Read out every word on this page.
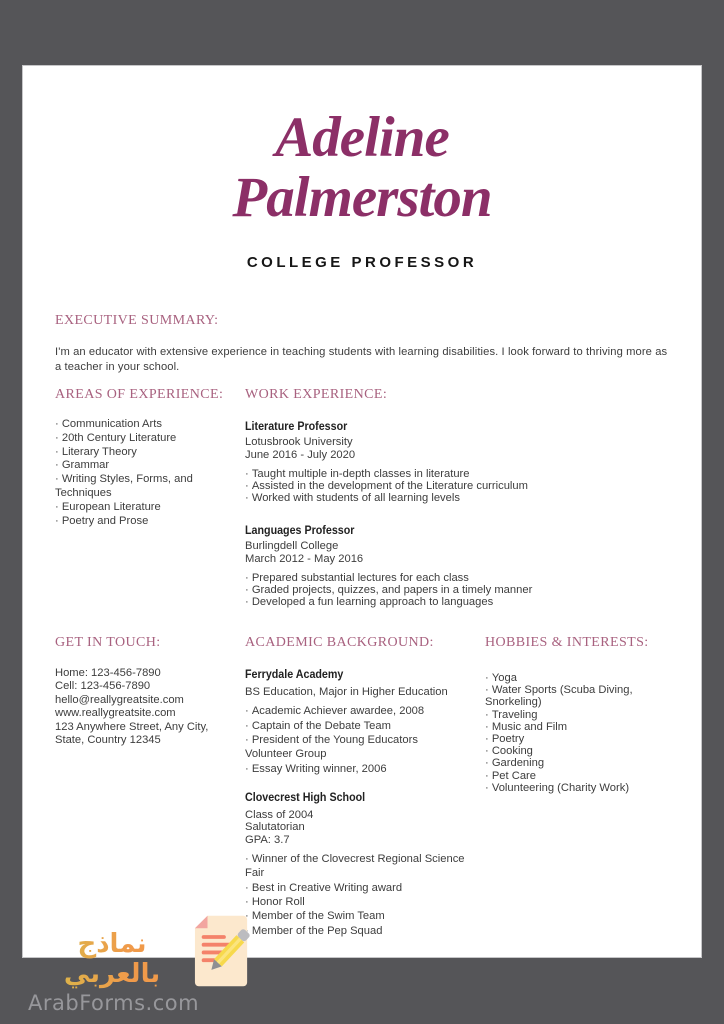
Adeline
Palmerston
COLLEGE PROFESSOR
EXECUTIVE SUMMARY:
I'm an educator with extensive experience in teaching students with learning disabilities. I look forward to thriving more as a teacher in your school.
AREAS OF EXPERIENCE:
· Communication Arts
· 20th Century Literature
· Literary Theory
· Grammar
· Writing Styles, Forms, and Techniques
· European Literature
· Poetry and Prose
WORK EXPERIENCE:
Literature Professor
Lotusbrook University
June 2016 - July 2020
· Taught multiple in-depth classes in literature
· Assisted in the development of the Literature curriculum
· Worked with students of all learning levels
Languages Professor
Burlingdell College
March 2012 - May 2016
· Prepared substantial lectures for each class
· Graded projects, quizzes, and papers in a timely manner
· Developed a fun learning approach to languages
GET IN TOUCH:
Home: 123-456-7890
Cell: 123-456-7890
hello@reallygreatsite.com
www.reallygreatsite.com
123 Anywhere Street, Any City, State, Country 12345
ACADEMIC BACKGROUND:
Ferrydale Academy
BS Education, Major in Higher Education
· Academic Achiever awardee, 2008
· Captain of the Debate Team
· President of the Young Educators Volunteer Group
· Essay Writing winner, 2006
Clovecrest High School
Class of 2004
Salutatorian
GPA: 3.7
· Winner of the Clovecrest Regional Science Fair
· Best in Creative Writing award
· Honor Roll
· Member of the Swim Team
· Member of the Pep Squad
HOBBIES & INTERESTS:
· Yoga
· Water Sports (Scuba Diving, Snorkeling)
· Traveling
· Music and Film
· Poetry
· Cooking
· Gardening
· Pet Care
· Volunteering (Charity Work)
نماذج بالعربي
ArabForms.com
